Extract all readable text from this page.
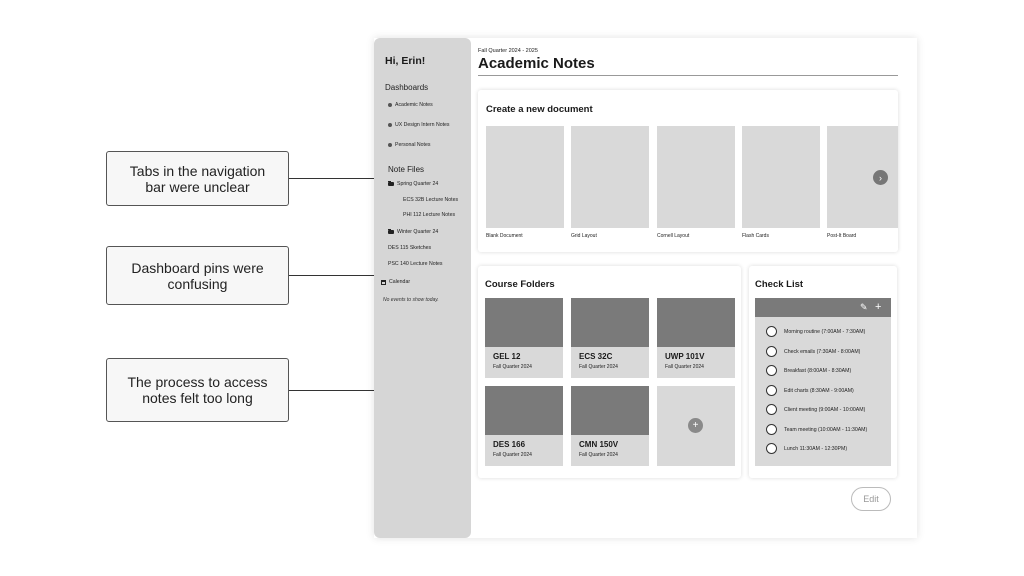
Tabs in the navigation bar were unclear
Dashboard pins were confusing
The process to access notes felt too long
Hi, Erin!
Dashboards
Academic Notes
UX Design Intern Notes
Personal Notes
Note Files
Spring Quarter 24
ECS 32B Lecture Notes
PHI 112 Lecture Notes
Winter Quarter 24
DES 115 Sketches
PSC 140 Lecture Notes
Calendar
No events to show today.
Fall Quarter 2024 - 2025
Academic Notes
Create a new document
Blank Document	Grid Layout	Cornell Layout	Flash Cards	Post-It Board
›
Course Folders
GEL 12
Fall Quarter 2024
ECS 32C
Fall Quarter 2024
UWP 101V
Fall Quarter 2024
DES 166
Fall Quarter 2024
CMN 150V
Fall Quarter 2024
+
Check List
✎ +
Morning routine (7:00AM - 7:30AM)
Check emails (7:30AM - 8:00AM)
Breakfast (8:00AM - 8:30AM)
Edit charts (8:30AM - 9:00AM)
Client meeting (9:00AM - 10:00AM)
Team meeting (10:00AM - 11:30AM)
Lunch 11:30AM - 12:30PM)
Edit
